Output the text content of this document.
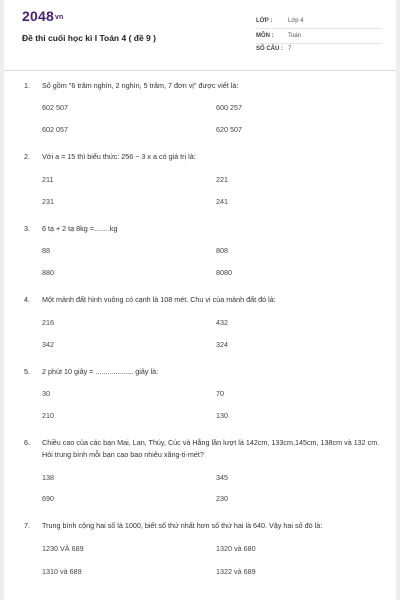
2048vn
Đề thi cuối học kì I Toán 4 ( đề 9 )
LỚP :	Lớp 4
MÔN : Toán
SỐ CÂU : 7
1. Số gồm "6 trăm nghìn, 2 nghìn, 5 trăm, 7 đơn vị" được viết là:
602 507	600 257
602 057	620 507
2. Với a = 15 thì biểu thức: 256 − 3 x a có giá trị là:
211	221
231	241
3. 6 tạ + 2 tạ 8kg =........kg
88	808
880	8080
4. Một mảnh đất hình vuông có cạnh là 108 mét. Chu vi của mảnh đất đó là:
216	432
342	324
5. 2 phút 10 giây = ................... giây là:
30	70
210	130
6. Chiều cao của các bạn Mai, Lan, Thúy, Cúc và Hằng lần lượt là 142cm, 133cm,145cm, 138cm và 132 cm. Hỏi trung bình mỗi bạn cao bao nhiêu xăng-ti-mét?
138	345
690	230
7. Trung bình cộng hai số là 1000, biết số thứ nhất hơn số thứ hai là 640. Vậy hai số đó là:
1230 VÀ 689	1320 và 680
1310 và 689	1322 và 689
